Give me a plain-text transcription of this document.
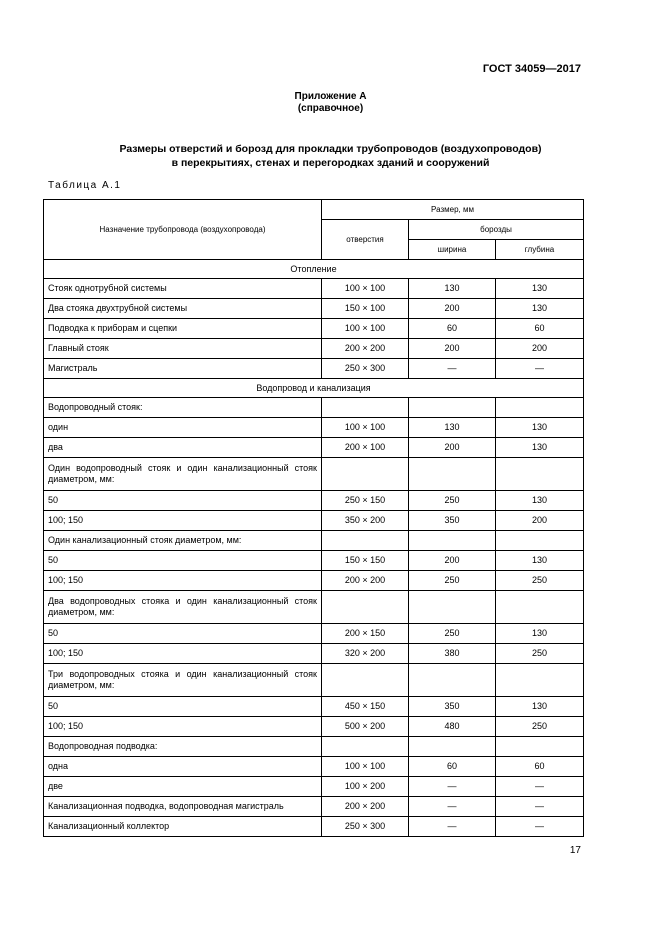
ГОСТ 34059—2017
Приложение А
(справочное)
Размеры отверстий и борозд для прокладки трубопроводов (воздухопроводов)
в перекрытиях, стенах и перегородках зданий и сооружений
Таблица А.1
Назначение трубопровода (воздухопровода)	Размер, мм		
	отверстия	борозды	
		ширина	глубина
Отопление			
Стояк однотрубной системы	100 × 100	130	130
Два стояка двухтрубной системы	150 × 100	200	130
Подводка к приборам и сцепки	100 × 100	60	60
Главный стояк	200 × 200	200	200
Магистраль	250 × 300	—	—
Водопровод и канализация			
Водопроводный стояк:			
один	100 × 100	130	130
два	200 × 100	200	130
Один водопроводный стояк и один канализационный стояк диаметром, мм:			
50	250 × 150	250	130
100; 150	350 × 200	350	200
Один канализационный стояк диаметром, мм:			
50	150 × 150	200	130
100; 150	200 × 200	250	250
Два водопроводных стояка и один канализационный стояк диаметром, мм:			
50	200 × 150	250	130
100; 150	320 × 200	380	250
Три водопроводных стояка и один канализационный стояк диаметром, мм:			
50	450 × 150	350	130
100; 150	500 × 200	480	250
Водопроводная подводка:			
одна	100 × 100	60	60
две	100 × 200	—	—
Канализационная подводка, водопроводная магистраль	200 × 200	—	—
Канализационный коллектор	250 × 300	—	—
17
